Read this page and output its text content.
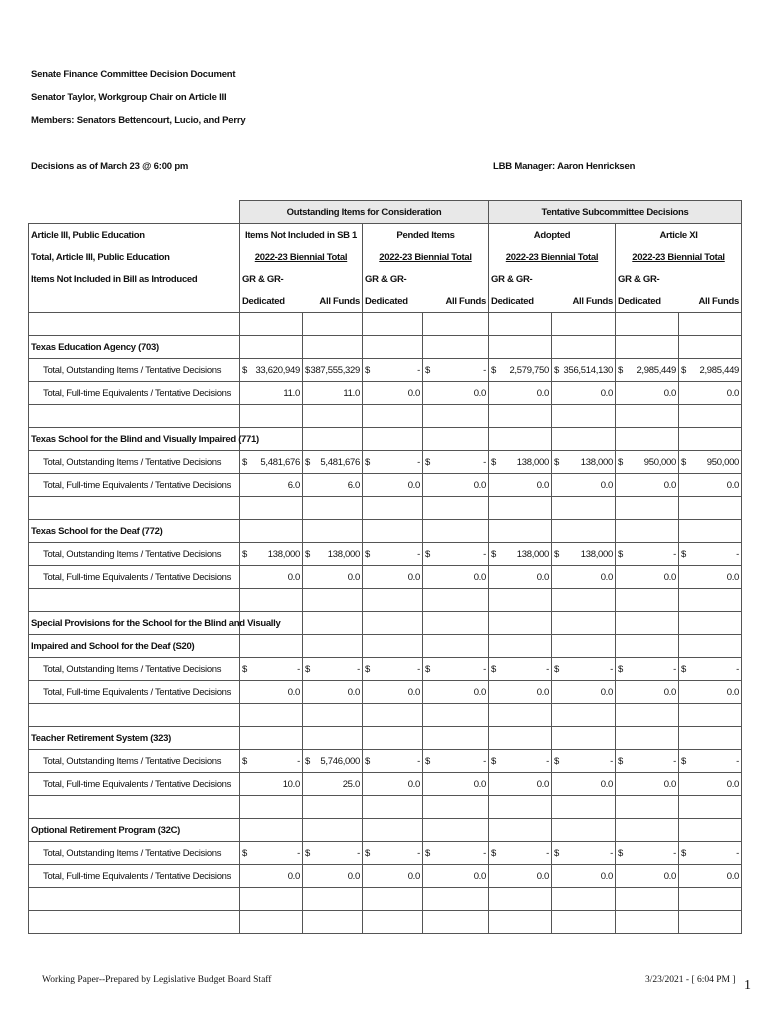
Senate Finance Committee Decision Document
Senator Taylor, Workgroup Chair on Article III
Members: Senators Bettencourt, Lucio, and Perry
Decisions as of March 23 @ 6:00 pm	LBB Manager: Aaron Henricksen
	Outstanding Items for Consideration				Tentative Subcommittee Decisions			
Article III, Public Education	Items Not Included in SB 1		Pended Items		Adopted		Article XI	
Total, Article III, Public Education	2022-23 Biennial Total		2022-23 Biennial Total		2022-23 Biennial Total		2022-23 Biennial Total	
Items Not Included in Bill as Introduced	GR & GR-		GR & GR-		GR & GR-		GR & GR-	
	Dedicated	All Funds	Dedicated	All Funds	Dedicated	All Funds	Dedicated	All Funds

Texas Education Agency (703)								
Total, Outstanding Items / Tentative Decisions	$ 33,620,949	$ 387,555,329	$ -	$ -	$ 2,579,750	$ 356,514,130	$ 2,985,449	$ 2,985,449

Total, Full-time Equivalents / Tentative Decisions	11.0	11.0	0.0	0.0	0.0	0.0	0.0	0.0

Texas School for the Blind and Visually Impaired (771)								
Total, Outstanding Items / Tentative Decisions	$ 5,481,676	$ 5,481,676	$ -	$ -	$ 138,000	$ 138,000	$ 950,000	$ 950,000

Total, Full-time Equivalents / Tentative Decisions	6.0	6.0	0.0	0.0	0.0	0.0	0.0	0.0

Texas School for the Deaf (772)								
Total, Outstanding Items / Tentative Decisions	$ 138,000	$ 138,000	$ -	$ -	$ 138,000	$ 138,000	$ -	$ -

Total, Full-time Equivalents / Tentative Decisions	0.0	0.0	0.0	0.0	0.0	0.0	0.0	0.0

Special Provisions for the School for the Blind and Visually								
Impaired and School for the Deaf (S20)								
Total, Outstanding Items / Tentative Decisions	$ -	$ -	$ -	$ -	$ -	$ -	$ -	$ -

Total, Full-time Equivalents / Tentative Decisions	0.0	0.0	0.0	0.0	0.0	0.0	0.0	0.0

Teacher Retirement System (323)								
Total, Outstanding Items / Tentative Decisions	$ -	$ 5,746,000	$ -	$ -	$ -	$ -	$ -	$ -

Total, Full-time Equivalents / Tentative Decisions	10.0	25.0	0.0	0.0	0.0	0.0	0.0	0.0

Optional Retirement Program (32C)								
Total, Outstanding Items / Tentative Decisions	$ -	$ -	$ -	$ -	$ -	$ -	$ -	$ -

Total, Full-time Equivalents / Tentative Decisions	0.0	0.0	0.0	0.0	0.0	0.0	0.0	0.0

Working Paper--Prepared by Legislative Budget Board Staff	3/23/2021 - [ 6:04 PM ] 1
